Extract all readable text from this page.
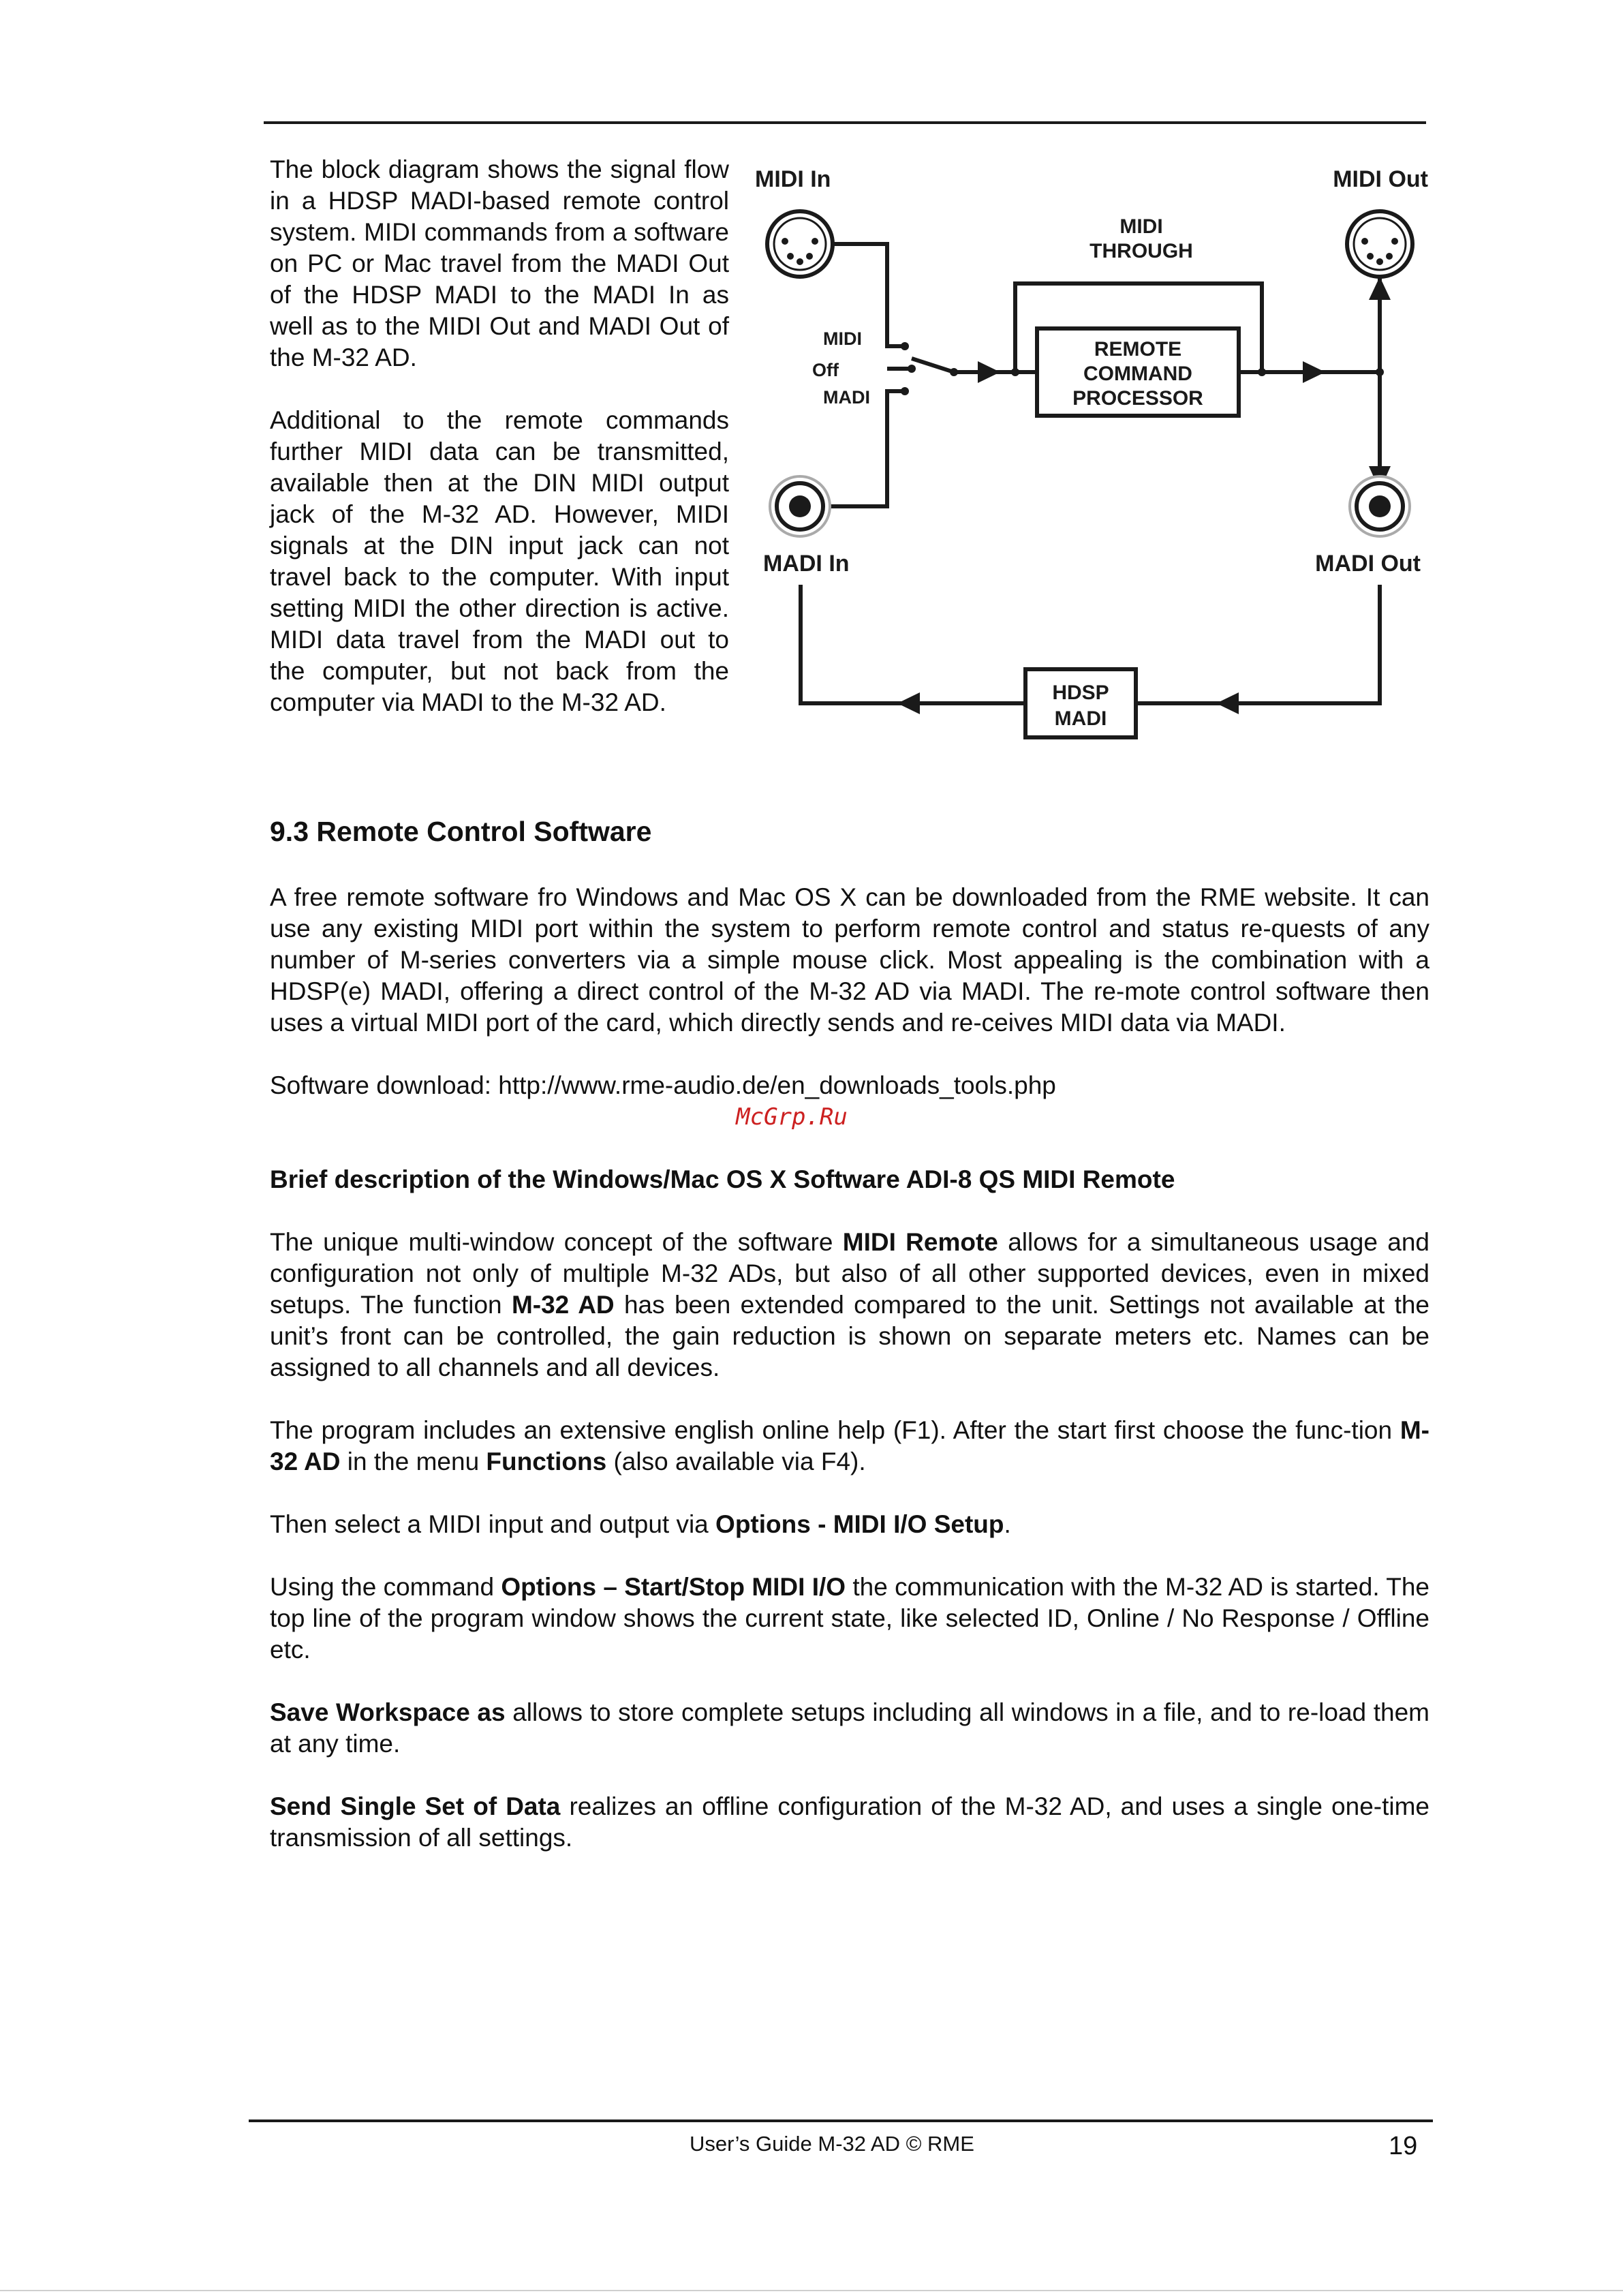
The block diagram shows the signal flow in a HDSP MADI-based remote control system. MIDI commands from a software on PC or Mac travel from the MADI Out of the HDSP MADI to the MADI In as well as to the MIDI Out and MADI Out of the M-32 AD.

Additional to the remote commands further MIDI data can be transmitted, available then at the DIN MIDI output jack of the M-32 AD. However, MIDI signals at the DIN input jack can not travel back to the computer. With input setting MIDI the other direction is active. MIDI data travel from the MADI out to the computer, but not back from the computer via MADI to the M-32 AD.

MIDI In	MIDI Out
MIDI
THROUGH
MIDI
Off
MADI
REMOTE
COMMAND
PROCESSOR
MADI In	MADI Out
HDSP
MADI
9.3 Remote Control Software

A free remote software fro Windows and Mac OS X can be downloaded from the RME website. It can use any existing MIDI port within the system to perform remote control and status re-quests of any number of M-series converters via a simple mouse click. Most appealing is the combination with a HDSP(e) MADI, offering a direct control of the M-32 AD via MADI. The re-mote control software then uses a virtual MIDI port of the card, which directly sends and re-ceives MIDI data via MADI.

Software download: http://www.rme-audio.de/en_downloads_tools.php

McGrp.Ru

Brief description of the Windows/Mac OS X Software ADI-8 QS MIDI Remote

The unique multi-window concept of the software MIDI Remote allows for a simultaneous usage and configuration not only of multiple M-32 ADs, but also of all other supported devices, even in mixed setups. The function M-32 AD has been extended compared to the unit. Settings not available at the unit’s front can be controlled, the gain reduction is shown on separate meters etc. Names can be assigned to all channels and all devices.

The program includes an extensive english online help (F1). After the start first choose the func-tion M-32 AD in the menu Functions (also available via F4).

Then select a MIDI input and output via Options - MIDI I/O Setup.

Using the command Options – Start/Stop MIDI I/O the communication with the M-32 AD is started. The top line of the program window shows the current state, like selected ID, Online / No Response / Offline etc.

Save Workspace as allows to store complete setups including all windows in a file, and to re-load them at any time.

Send Single Set of Data realizes an offline configuration of the M-32 AD, and uses a single one-time transmission of all settings.

User’s Guide M-32 AD © RME	19
